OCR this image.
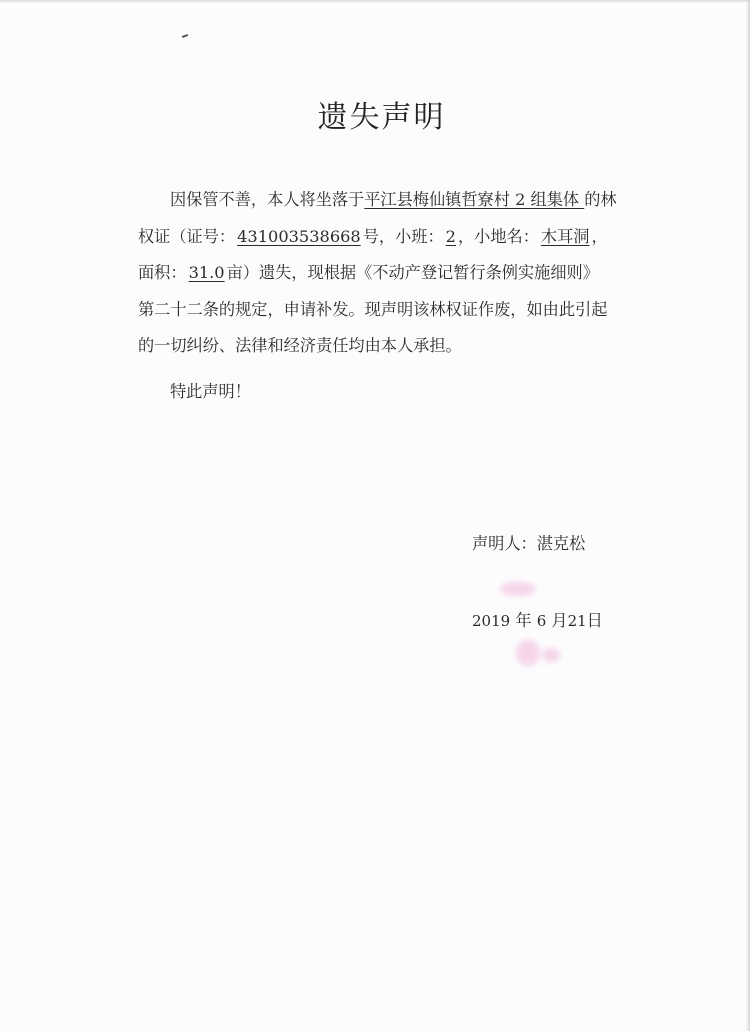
遗失声明
因保管不善，本人将坐落于平江县梅仙镇哲寮村 2 组集体 的林
权证（证号： 431003538668号，小班： 2 ，小地名： 木耳洞 ，
面积： 31.0亩）遗失，现根据《不动产登记暂行条例实施细则》
第二十二条的规定，申请补发。现声明该林权证作废，如由此引起
的一切纠纷、法律和经济责任均由本人承担。
特此声明！
声明人：湛克松
2019 年 6 月21日
